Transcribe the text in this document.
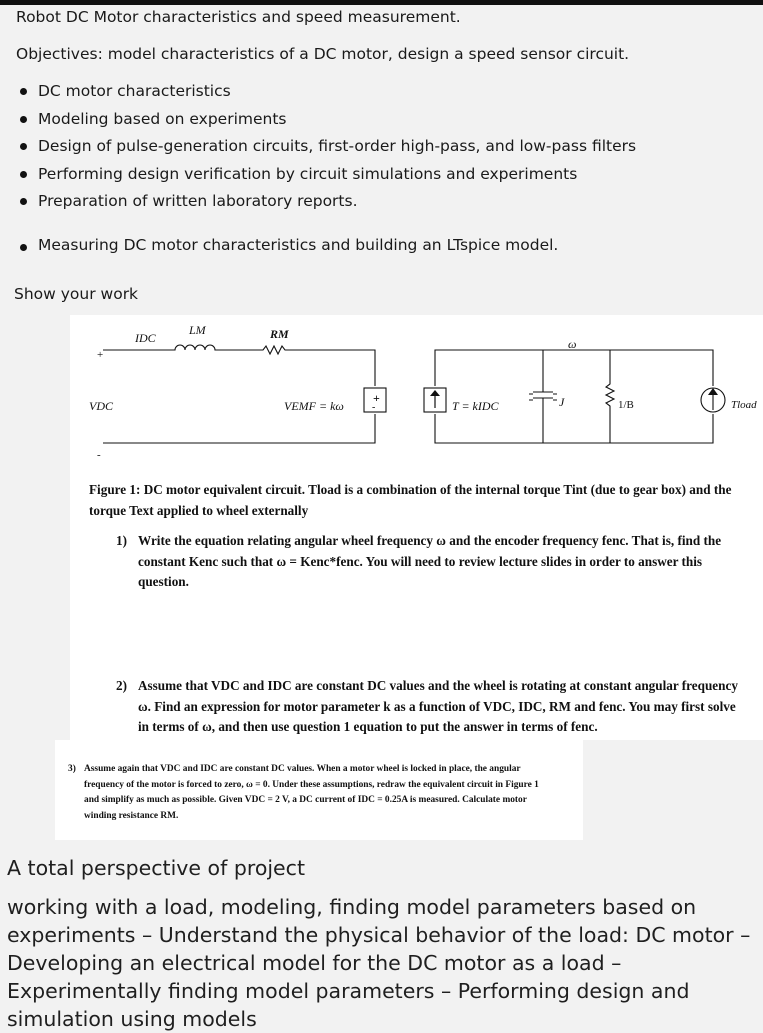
Robot DC Motor characteristics and speed measurement.
Objectives: model characteristics of a DC motor, design a speed sensor circuit.
DC motor characteristics
Modeling based on experiments
Design of pulse-generation circuits, first-order high-pass, and low-pass filters
Performing design verification by circuit simulations and experiments
Preparation of written laboratory reports.
Measuring DC motor characteristics and building an LTspice model.
Show your work
+
-
IDC
LM	RM
ω
+
-
VDC	VEMF = kω	T = kIDC	J	1/B	Tload
Figure 1: DC motor equivalent circuit. Tload is a combination of the internal torque Tint (due to gear box) and the torque Text applied to wheel externally
1) Write the equation relating angular wheel frequency ω and the encoder frequency fenc. That is, find the constant Kenc such that ω = Kenc*fenc. You will need to review lecture slides in order to answer this question.
2) Assume that VDC and IDC are constant DC values and the wheel is rotating at constant angular frequency ω. Find an expression for motor parameter k as a function of VDC, IDC, RM and fenc. You may first solve in terms of ω, and then use question 1 equation to put the answer in terms of fenc.
3) Assume again that VDC and IDC are constant DC values. When a motor wheel is locked in place, the angular frequency of the motor is forced to zero, ω = 0. Under these assumptions, redraw the equivalent circuit in Figure 1 and simplify as much as possible. Given VDC = 2 V, a DC current of IDC = 0.25A is measured. Calculate motor winding resistance RM.
A total perspective of project
working with a load, modeling, finding model parameters based on experiments – Understand the physical behavior of the load: DC motor – Developing an electrical model for the DC motor as a load – Experimentally finding model parameters – Performing design and simulation using models
